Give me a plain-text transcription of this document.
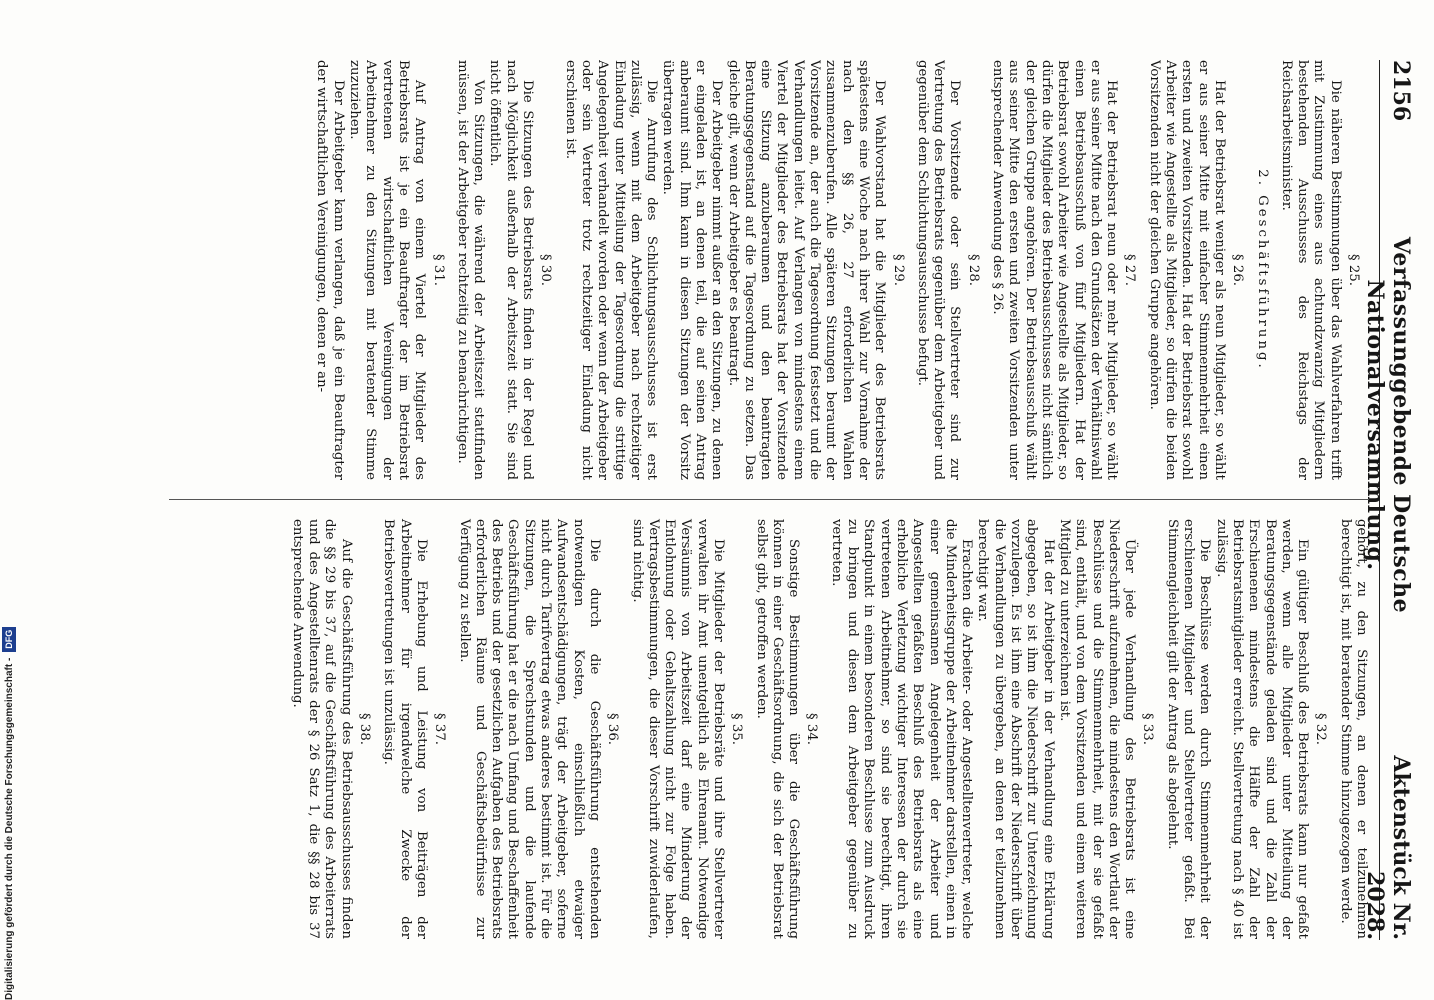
2156
Verfassunggebende Deutsche Nationalversammlung.
Aktenstück Nr. 2028.

§ 25.

Die näheren Bestimmungen über das Wahlverfahren trifft mit Zustimmung eines aus achtundzwanzig Mitgliedern bestehenden Ausschusses des Reichstags der Reichsarbeitsminister.

2. Geschäftsführung.

§ 26.

Hat der Betriebsrat weniger als neun Mitglieder, so wählt er aus seiner Mitte mit einfacher Stimmenmehrheit einen ersten und zweiten Vorsitzenden. Hat der Betriebsrat sowohl Arbeiter wie Angestellte als Mitglieder, so dürfen die beiden Vorsitzenden nicht der gleichen Gruppe angehören.

§ 27.

Hat der Betriebsrat neun oder mehr Mitglieder, so wählt er aus seiner Mitte nach den Grundsätzen der Verhältniswahl einen Betriebsausschuß von fünf Mitgliedern. Hat der Betriebsrat sowohl Arbeiter wie Angestellte als Mitglieder, so dürfen die Mitglieder des Betriebsausschusses nicht sämtlich der gleichen Gruppe angehören. Der Betriebsausschuß wählt aus seiner Mitte den ersten und zweiten Vorsitzenden unter entsprechender Anwendung des § 26.

§ 28.

Der Vorsitzende oder sein Stellvertreter sind zur Vertretung des Betriebsrats gegenüber dem Arbeitgeber und gegenüber dem Schlichtungsausschusse befugt.

§ 29.

Der Wahlvorstand hat die Mitglieder des Betriebsrats spätestens eine Woche nach ihrer Wahl zur Vornahme der nach den §§ 26, 27 erforderlichen Wahlen zusammenzuberufen. Alle späteren Sitzungen beraumt der Vorsitzende an, der auch die Tagesordnung festsetzt und die Verhandlungen leitet. Auf Verlangen von mindestens einem Viertel der Mitglieder des Betriebsrats hat der Vorsitzende eine Sitzung anzuberaumen und den beantragten Beratungsgegenstand auf die Tagesordnung zu setzen. Das gleiche gilt, wenn der Arbeitgeber es beantragt.

Der Arbeitgeber nimmt außer an den Sitzungen, zu denen er eingeladen ist, an denen teil, die auf seinen Antrag anberaumt sind. Ihm kann in diesen Sitzungen der Vorsitz übertragen werden.

Die Anrufung des Schlichtungsausschusses ist erst zulässig, wenn mit dem Arbeitgeber nach rechtzeitiger Einladung unter Mitteilung der Tagesordnung die strittige Angelegenheit verhandelt worden oder wenn der Arbeitgeber oder sein Vertreter trotz rechtzeitiger Einladung nicht erschienen ist.

§ 30.

Die Sitzungen des Betriebsrats finden in der Regel und nach Möglichkeit außerhalb der Arbeitszeit statt. Sie sind nicht öffentlich.

Von Sitzungen, die während der Arbeitszeit stattfinden müssen, ist der Arbeitgeber rechtzeitig zu benachrichtigen.

§ 31.

Auf Antrag von einem Viertel der Mitglieder des Betriebsrats ist je ein Beauftragter der im Betriebsrat vertretenen wirtschaftlichen Vereinigungen der Arbeitnehmer zu den Sitzungen mit beratender Stimme zuzuziehen.

Der Arbeitgeber kann verlangen, daß je ein Beauftragter der wirtschaftlichen Vereinigungen, denen er an-

gehört, zu den Sitzungen, an denen er teilzunehmen berechtigt ist, mit beratender Stimme hinzugezogen werde.

§ 32.

Ein gültiger Beschluß des Betriebsrats kann nur gefaßt werden, wenn alle Mitglieder unter Mitteilung der Beratungsgegenstände geladen sind und die Zahl der Erschienenen mindestens die Hälfte der Zahl der Betriebsratsmitglieder erreicht. Stellvertretung nach § 40 ist zulässig.

Die Beschlüsse werden durch Stimmenmehrheit der erschienenen Mitglieder und Stellvertreter gefaßt. Bei Stimmengleichheit gilt der Antrag als abgelehnt.

§ 33.

Über jede Verhandlung des Betriebsrats ist eine Niederschrift aufzunehmen, die mindestens den Wortlaut der Beschlüsse und die Stimmenmehrheit, mit der sie gefaßt sind, enthält, und von dem Vorsitzenden und einem weiteren Mitglied zu unterzeichnen ist.

Hat der Arbeitgeber in der Verhandlung eine Erklärung abgegeben, so ist ihm die Niederschrift zur Unterzeichnung vorzulegen. Es ist ihm eine Abschrift der Niederschrift über die Verhandlungen zu übergeben, an denen er teilzunehmen berechtigt war.

Erachten die Arbeiter- oder Angestelltenvertreter, welche die Minderheitsgruppe der Arbeitnehmer darstellen, einen in einer gemeinsamen Angelegenheit der Arbeiter und Angestellten gefaßten Beschluß des Betriebsrats als eine erhebliche Verletzung wichtiger Interessen der durch sie vertretenen Arbeitnehmer, so sind sie berechtigt, ihren Standpunkt in einem besonderen Beschlusse zum Ausdruck zu bringen und diesen dem Arbeitgeber gegenüber zu vertreten.

§ 34.

Sonstige Bestimmungen über die Geschäftsführung können in einer Geschäftsordnung, die sich der Betriebsrat selbst gibt, getroffen werden.

§ 35.

Die Mitglieder der Betriebsräte und ihre Stellvertreter verwalten ihr Amt unentgeltlich als Ehrenamt. Notwendige Versäumnis von Arbeitszeit darf eine Minderung der Entlohnung oder Gehaltszahlung nicht zur Folge haben. Vertragsbestimmungen, die dieser Vorschrift zuwiderlaufen, sind nichtig.

§ 36.

Die durch die Geschäftsführung entstehenden notwendigen Kosten, einschließlich etwaiger Aufwandsentschädigungen, trägt der Arbeitgeber, soferne nicht durch Tarifvertrag etwas anderes bestimmt ist. Für die Sitzungen, die Sprechstunden und die laufende Geschäftsführung hat er die nach Umfang und Beschaffenheit des Betriebs und der gesetzlichen Aufgaben des Betriebsrats erforderlichen Räume und Geschäftsbedürfnisse zur Verfügung zu stellen.

§ 37.

Die Erhebung und Leistung von Beiträgen der Arbeitnehmer für irgendwelche Zwecke der Betriebsvertretungen ist unzulässig.

§ 38.

Auf die Geschäftsführung des Betriebsausschusses finden die §§ 29 bis 37, auf die Geschäftsführung des Arbeiterrats und des Angestelltenrats der § 26 Satz 1, die §§ 28 bis 37 entsprechende Anwendung.

Digitalisierung gefördert durch die Deutsche Forschungsgemeinschaft -DFG
